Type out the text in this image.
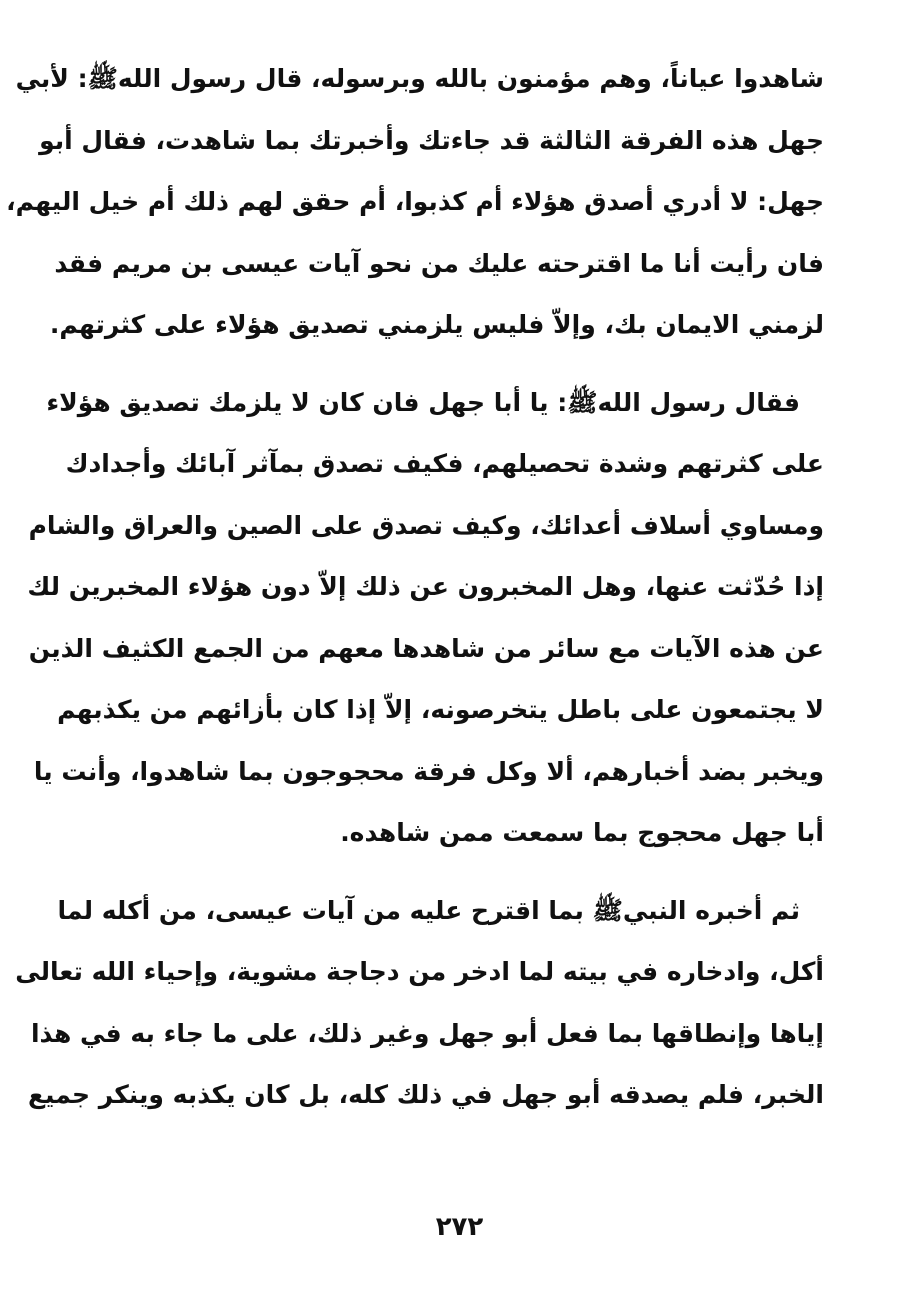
شاهدوا عياناً، وهم مؤمنون بالله وبرسوله، قال رسول اللهﷺ: لأبي
جهل هذه الفرقة الثالثة قد جاءتك وأخبرتك بما شاهدت، فقال أبو
جهل: لا أدري أصدق هؤلاء أم كذبوا، أم حقق لهم ذلك أم خيل اليهم،
فان رأيت أنا ما اقترحته عليك من نحو آيات عيسى بن مريم فقد
لزمني الايمان بك، وإلاّ فليس يلزمني تصديق هؤلاء على كثرتهم.
فقال رسول اللهﷺ: يا أبا جهل فان كان لا يلزمك تصديق هؤلاء
على كثرتهم وشدة تحصيلهم، فكيف تصدق بمآثر آبائك وأجدادك
ومساوي أسلاف أعدائك، وكيف تصدق على الصين والعراق والشام
إذا حُدّثت عنها، وهل المخبرون عن ذلك إلاّ دون هؤلاء المخبرين لك
عن هذه الآيات مع سائر من شاهدها معهم من الجمع الكثيف الذين
لا يجتمعون على باطل يتخرصونه، إلاّ إذا كان بأزائهم من يكذبهم
ويخبر بضد أخبارهم، ألا وكل فرقة محجوجون بما شاهدوا، وأنت يا
أبا جهل محجوج بما سمعت ممن شاهده.
ثم أخبره النبيﷺ بما اقترح عليه من آيات عيسى، من أكله لما
أكل، وادخاره في بيته لما ادخر من دجاجة مشوية، وإحياء الله تعالى
إياها وإنطاقها بما فعل أبو جهل وغير ذلك، على ما جاء به في هذا
الخبر، فلم يصدقه أبو جهل في ذلك كله، بل كان يكذبه وينكر جميع
٢٧٢
